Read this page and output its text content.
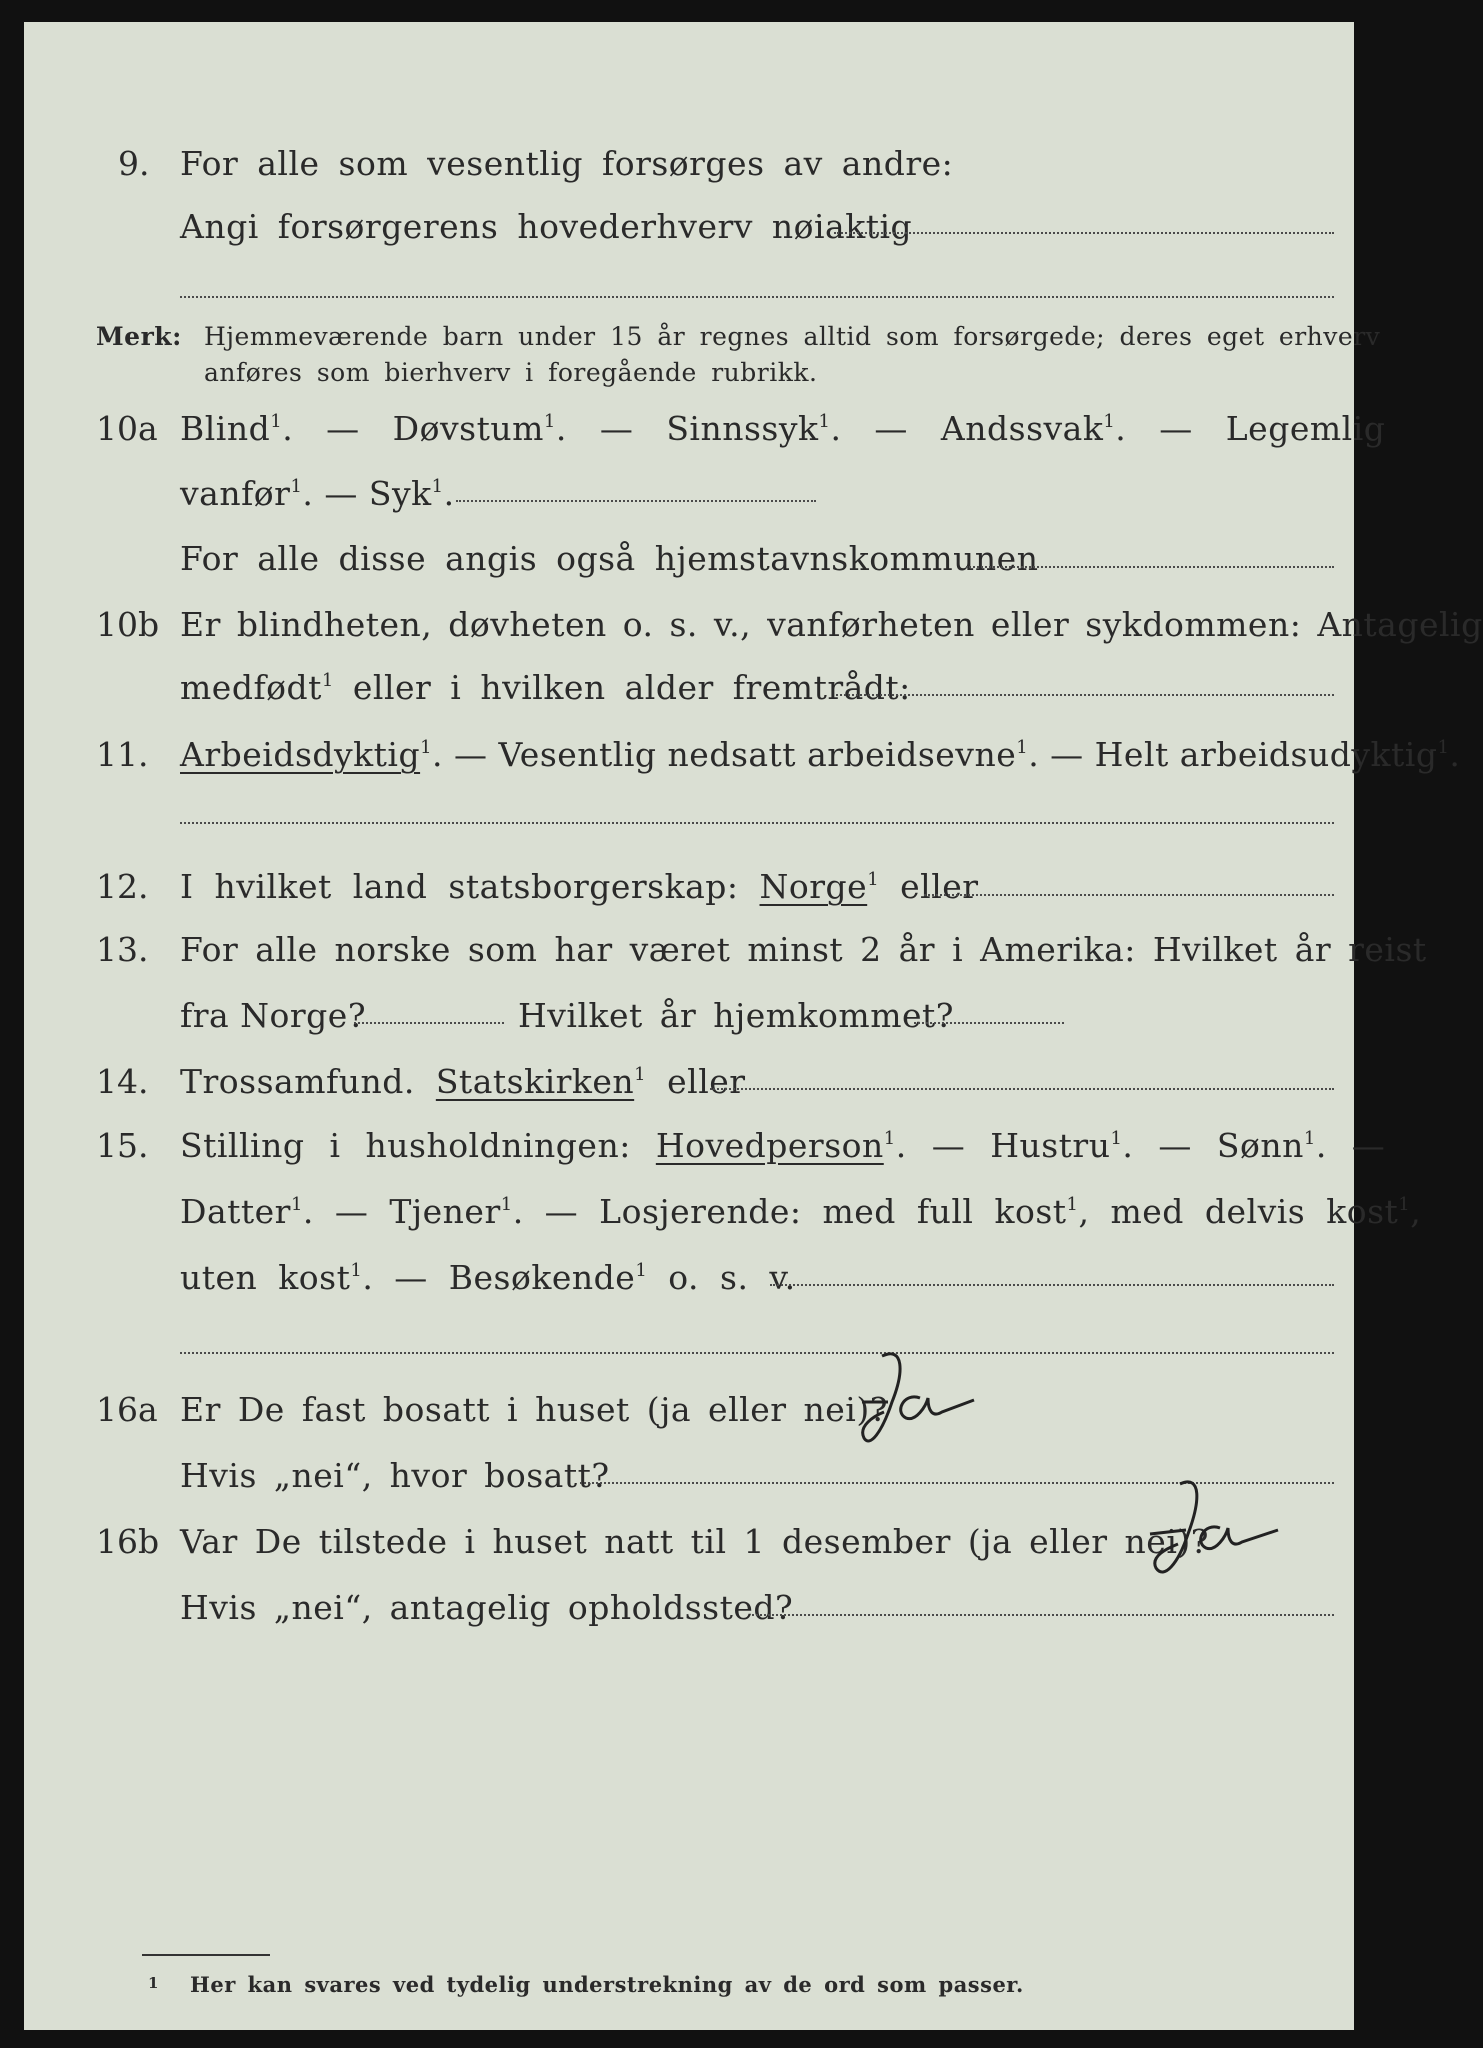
9. For alle som vesentlig forsørges av andre:
Angi forsørgerens hovederhverv nøiaktig
Merk: Hjemmeværende barn under 15 år regnes alltid som forsørgede; deres eget erhverv
anføres som bierhverv i foregående rubrikk.
10a Blind$^1$. — Døvstum$^1$. — Sinnssyk$^1$. — Andssvak$^1$. — Legemlig
vanfør$^1$. — Syk$^1$.
For alle disse angis også hjemstavnskommunen
10b Er blindheten, døvheten o. s. v., vanførheten eller sykdommen: Antagelig
medfødt$^1$ eller i hvilken alder fremtrådt:
11. Arbeidsdyktig$^1$. — Vesentlig nedsatt arbeidsevne$^1$. — Helt arbeidsudyktig$^1$.
12. I hvilket land statsborgerskap: Norge$^1$ eller
13. For alle norske som har været minst 2 år i Amerika: Hvilket år reist
fra Norge?	Hvilket år hjemkommet?
14. Trossamfund. Statskirken$^1$ eller
15. Stilling i husholdningen: Hovedperson$^1$. — Hustru$^1$. — Sønn$^1$. —
Datter$^1$. — Tjener$^1$. — Losjerende: med full kost$^1$, med delvis kost$^1$,
uten kost$^1$. — Besøkende$^1$ o. s. v.
16a Er De fast bosatt i huset (ja eller nei)?
Hvis „nei“, hvor bosatt?
16b Var De tilstede i huset natt til 1 desember (ja eller nei)?
Hvis „nei“, antagelig opholdssted?
1 Her kan svares ved tydelig understrekning av de ord som passer.
